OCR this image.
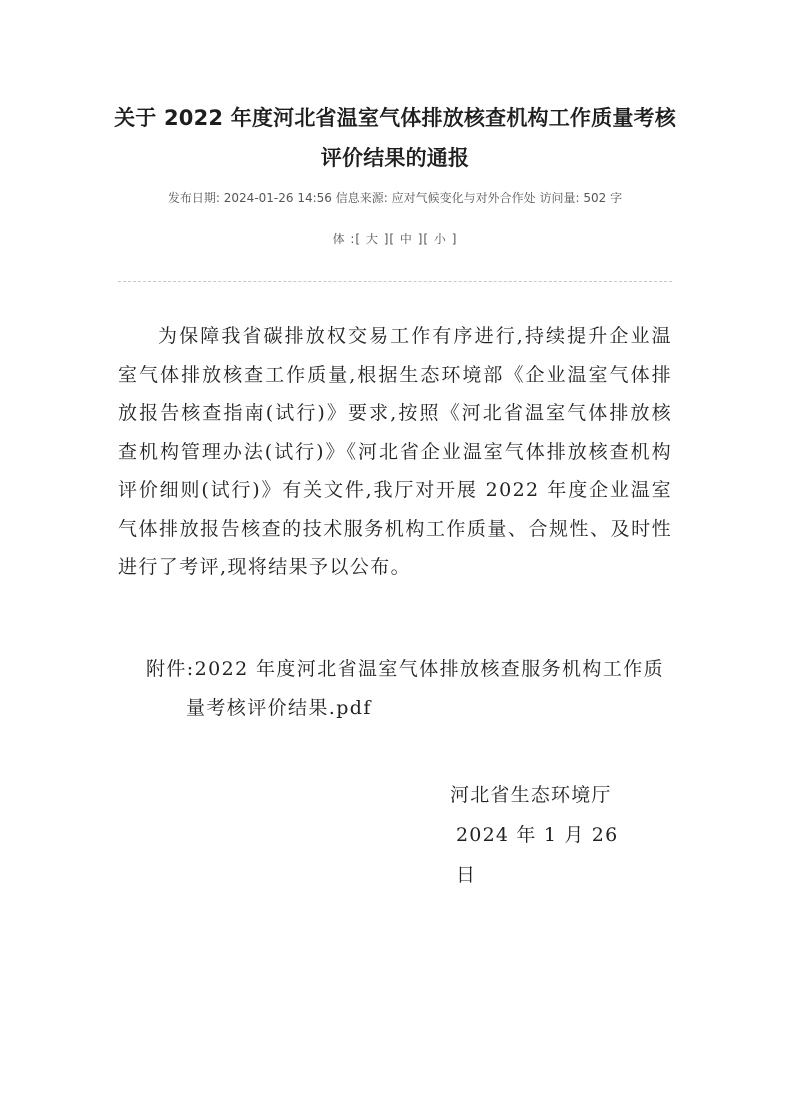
关于 2022 年度河北省温室气体排放核查机构工作质量考核评价结果的通报
发布日期: 2024-01-26 14:56 信息来源: 应对气候变化与对外合作处 访问量: 502 字
体 :[ 大 ][ 中 ][ 小 ]
为保障我省碳排放权交易工作有序进行,持续提升企业温室气体排放核查工作质量,根据生态环境部《企业温室气体排放报告核查指南(试行)》要求,按照《河北省温室气体排放核查机构管理办法(试行)》《河北省企业温室气体排放核查机构评价细则(试行)》有关文件,我厅对开展 2022 年度企业温室气体排放报告核查的技术服务机构工作质量、合规性、及时性进行了考评,现将结果予以公布。
附件:2022 年度河北省温室气体排放核查服务机构工作质量考核评价结果.pdf
河北省生态环境厅
2024 年 1 月 26 日
